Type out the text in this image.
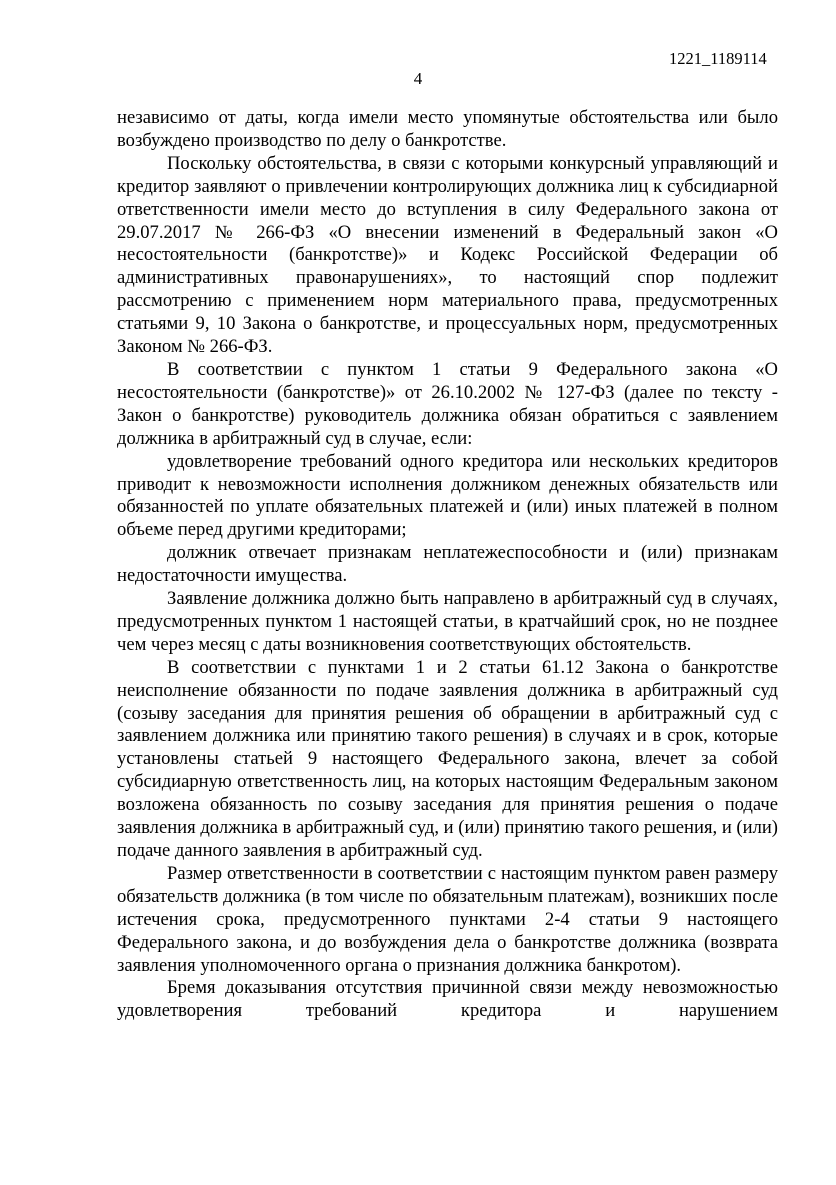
1221_1189114
4

независимо от даты, когда имели место упомянутые обстоятельства или было возбуждено производство по делу о банкротстве.

Поскольку обстоятельства, в связи с которыми конкурсный управляющий и кредитор заявляют о привлечении контролирующих должника лиц к субсидиарной ответственности имели место до вступления в силу Федерального закона от 29.07.2017 № 266-ФЗ «О внесении изменений в Федеральный закон «О несостоятельности (банкротстве)» и Кодекс Российской Федерации об административных правонарушениях», то настоящий спор подлежит рассмотрению с применением норм материального права, предусмотренных статьями 9, 10 Закона о банкротстве, и процессуальных норм, предусмотренных Законом № 266-ФЗ.

В соответствии с пунктом 1 статьи 9 Федерального закона «О несостоятельности (банкротстве)» от 26.10.2002 № 127-ФЗ (далее по тексту - Закон о банкротстве) руководитель должника обязан обратиться с заявлением должника в арбитражный суд в случае, если:

удовлетворение требований одного кредитора или нескольких кредиторов приводит к невозможности исполнения должником денежных обязательств или обязанностей по уплате обязательных платежей и (или) иных платежей в полном объеме перед другими кредиторами;

должник отвечает признакам неплатежеспособности и (или) признакам недостаточности имущества.

Заявление должника должно быть направлено в арбитражный суд в случаях, предусмотренных пунктом 1 настоящей статьи, в кратчайший срок, но не позднее чем через месяц с даты возникновения соответствующих обстоятельств.

В соответствии с пунктами 1 и 2 статьи 61.12 Закона о банкротстве неисполнение обязанности по подаче заявления должника в арбитражный суд (созыву заседания для принятия решения об обращении в арбитражный суд с заявлением должника или принятию такого решения) в случаях и в срок, которые установлены статьей 9 настоящего Федерального закона, влечет за собой субсидиарную ответственность лиц, на которых настоящим Федеральным законом возложена обязанность по созыву заседания для принятия решения о подаче заявления должника в арбитражный суд, и (или) принятию такого решения, и (или) подаче данного заявления в арбитражный суд.

Размер ответственности в соответствии с настоящим пунктом равен размеру обязательств должника (в том числе по обязательным платежам), возникших после истечения срока, предусмотренного пунктами 2-4 статьи 9 настоящего Федерального закона, и до возбуждения дела о банкротстве должника (возврата заявления уполномоченного органа о признания должника банкротом).

Бремя доказывания отсутствия причинной связи между невозможностью удовлетворения требований кредитора и нарушением
